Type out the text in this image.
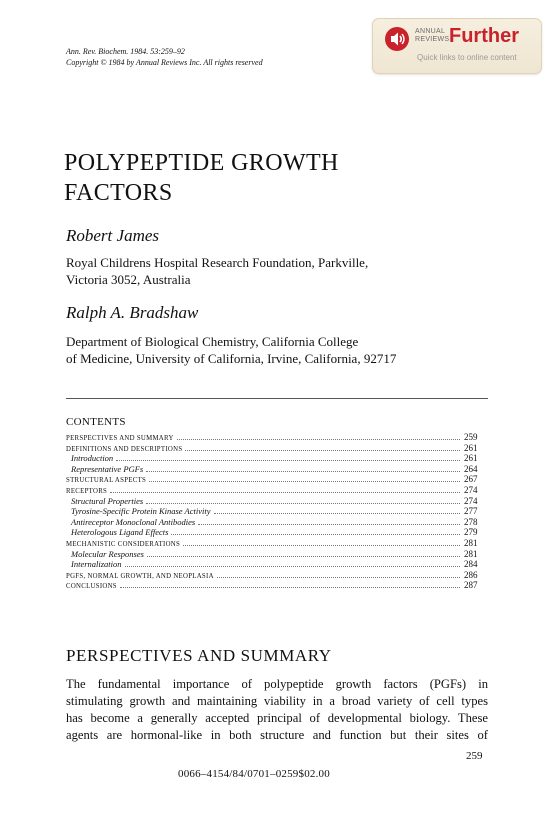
Ann. Rev. Biochem. 1984. 53:259–92
Copyright © 1984 by Annual Reviews Inc. All rights reserved
ANNUAL
REVIEWS Further
Quick links to online content
POLYPEPTIDE GROWTH
FACTORS
Robert James
Royal Childrens Hospital Research Foundation, Parkville,
Victoria 3052, Australia
Ralph A. Bradshaw
Department of Biological Chemistry, California College
of Medicine, University of California, Irvine, California, 92717
CONTENTS
PERSPECTIVES AND SUMMARY	259
DEFINITIONS AND DESCRIPTIONS	261
Introduction	261
Representative PGFs	264
STRUCTURAL ASPECTS	267
RECEPTORS	274
Structural Properties	274
Tyrosine-Specific Protein Kinase Activity	277
Antireceptor Monoclonal Antibodies	278
Heterologous Ligand Effects	279
MECHANISTIC CONSIDERATIONS	281
Molecular Responses	281
Internalization	284
PGFS, NORMAL GROWTH, AND NEOPLASIA	286
CONCLUSIONS	287
PERSPECTIVES AND SUMMARY
The fundamental importance of polypeptide growth factors (PGFs) in
stimulating growth and maintaining viability in a broad variety of cell types
has become a generally accepted principal of developmental biology. These
agents are hormonal-like in both structure and function but their sites of
259
0066–4154/84/0701–0259$02.00
